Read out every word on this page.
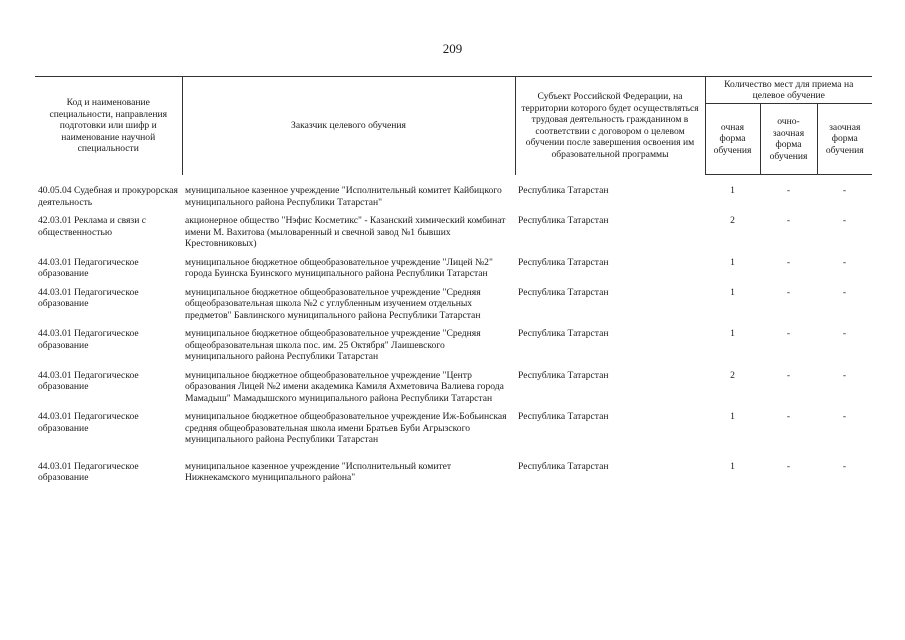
209
Код и наименование специальности, направления подготовки или шифр и наименование научной специальности	Заказчик целевого обучения	Субъект Российской Федерации, на территории которого будет осуществляться трудовая деятельность гражданином в соответствии с договором о целевом обучении после завершения освоения им образовательной программы	Количество мест для приема на целевое обучение		
			очная форма обучения	очно-заочная форма обучения	заочная форма обучения

40.05.04 Судебная и прокурорская деятельность	муниципальное казенное учреждение "Исполнительный комитет Кайбицкого муниципального района Республики Татарстан"	Республика Татарстан	1	-	-
42.03.01 Реклама и связи с общественностью	акционерное общество "Нэфис Косметикс" - Казанский химический комбинат имени М. Вахитова (мыловаренный и свечной завод №1 бывших Крестовниковых)	Республика Татарстан	2	-	-
44.03.01 Педагогическое образование	муниципальное бюджетное общеобразовательное учреждение "Лицей №2" города Буинска Буинского муниципального района Республики Татарстан	Республика Татарстан	1	-	-
44.03.01 Педагогическое образование	муниципальное бюджетное общеобразовательное учреждение "Средняя общеобразовательная школа №2 с углубленным изучением отдельных предметов" Бавлинского муниципального района Республики Татарстан	Республика Татарстан	1	-	-
44.03.01 Педагогическое образование	муниципальное бюджетное общеобразовательное учреждение "Средняя общеобразовательная школа пос. им. 25 Октября" Лаишевского муниципального района Республики Татарстан	Республика Татарстан	1	-	-
44.03.01 Педагогическое образование	муниципальное бюджетное общеобразовательное учреждение "Центр образования Лицей №2 имени академика Камиля Ахметовича Валиева города Мамадыш" Мамадышского муниципального района Республики Татарстан	Республика Татарстан	2	-	-
44.03.01 Педагогическое образование	муниципальное бюджетное общеобразовательное учреждение Иж-Бобьинская средняя общеобразовательная школа имени Братьев Буби Агрызского муниципального района Республики Татарстан	Республика Татарстан	1	-	-
44.03.01 Педагогическое образование	муниципальное казенное учреждение "Исполнительный комитет Нижнекамского муниципального района"	Республика Татарстан	1	-	-
